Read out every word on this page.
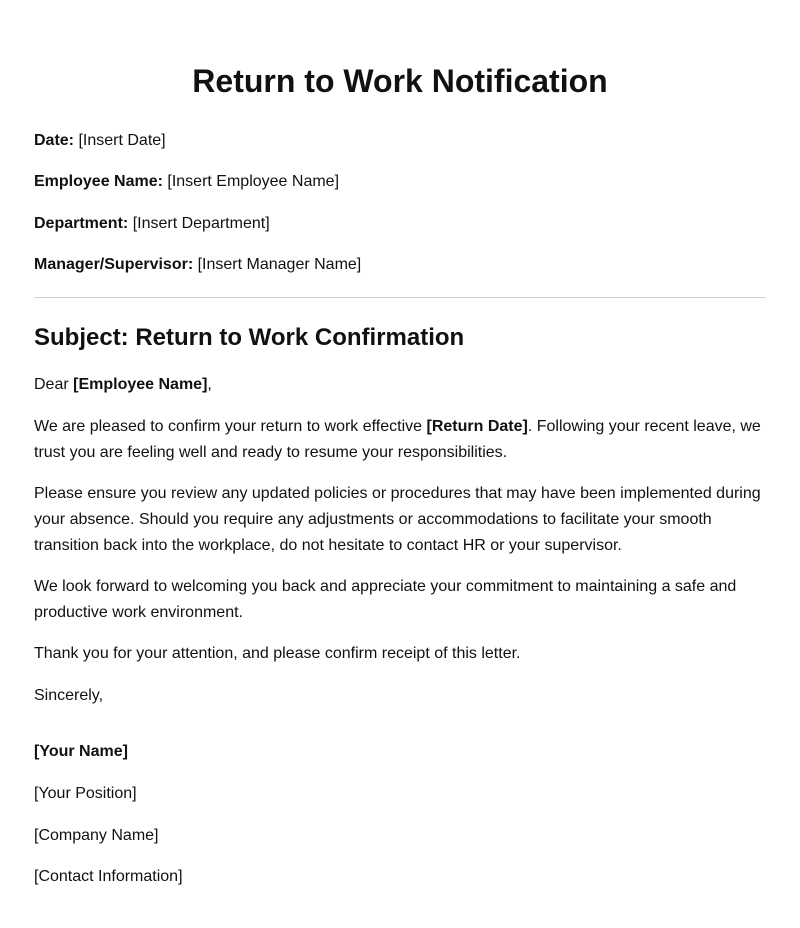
Return to Work Notification

Date: [Insert Date]

Employee Name: [Insert Employee Name]

Department: [Insert Department]

Manager/Supervisor: [Insert Manager Name]

Subject: Return to Work Confirmation

Dear [Employee Name],

We are pleased to confirm your return to work effective [Return Date]. Following your recent leave, we trust you are feeling well and ready to resume your responsibilities.

Please ensure you review any updated policies or procedures that may have been implemented during your absence. Should you require any adjustments or accommodations to facilitate your smooth transition back into the workplace, do not hesitate to contact HR or your supervisor.

We look forward to welcoming you back and appreciate your commitment to maintaining a safe and productive work environment.

Thank you for your attention, and please confirm receipt of this letter.

Sincerely,

[Your Name]

[Your Position]

[Company Name]

[Contact Information]
